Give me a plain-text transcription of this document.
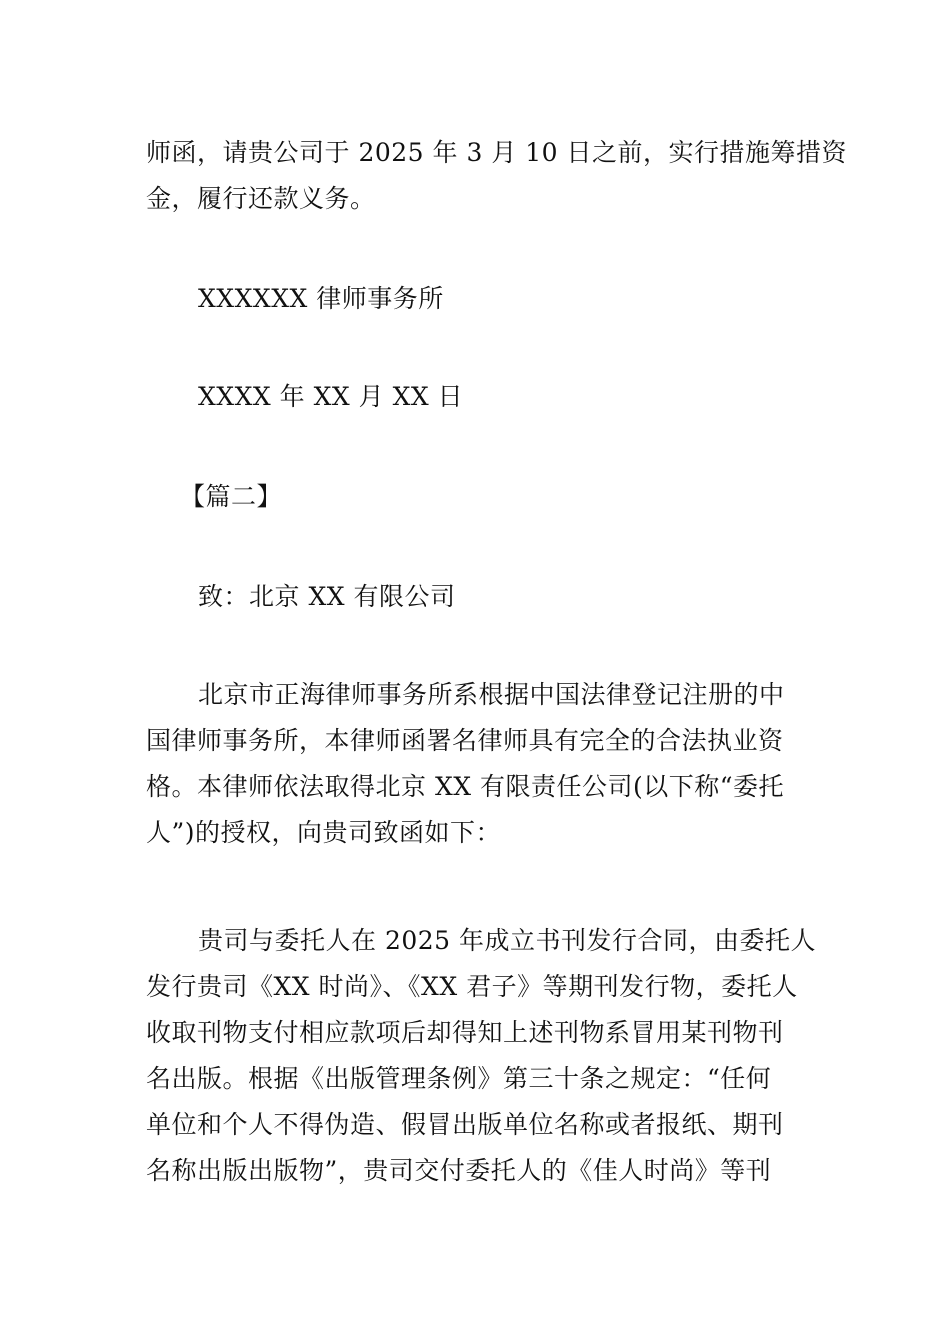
师函，请贵公司于 2025 年 3 月 10 日之前，实行措施筹措资
金，履行还款义务。

XXXXXX 律师事务所

XXXX 年 XX 月 XX 日

【篇二】

致：北京 XX 有限公司

北京市正海律师事务所系根据中国法律登记注册的中
国律师事务所，本律师函署名律师具有完全的合法执业资
格。本律师依法取得北京 XX 有限责任公司(以下称“委托
人”)的授权，向贵司致函如下：

贵司与委托人在 2025 年成立书刊发行合同，由委托人
发行贵司《XX 时尚》、《XX 君子》等期刊发行物，委托人
收取刊物支付相应款项后却得知上述刊物系冒用某刊物刊
名出版。根据《出版管理条例》第三十条之规定：“任何
单位和个人不得伪造、假冒出版单位名称或者报纸、期刊
名称出版出版物”，贵司交付委托人的《佳人时尚》等刊
